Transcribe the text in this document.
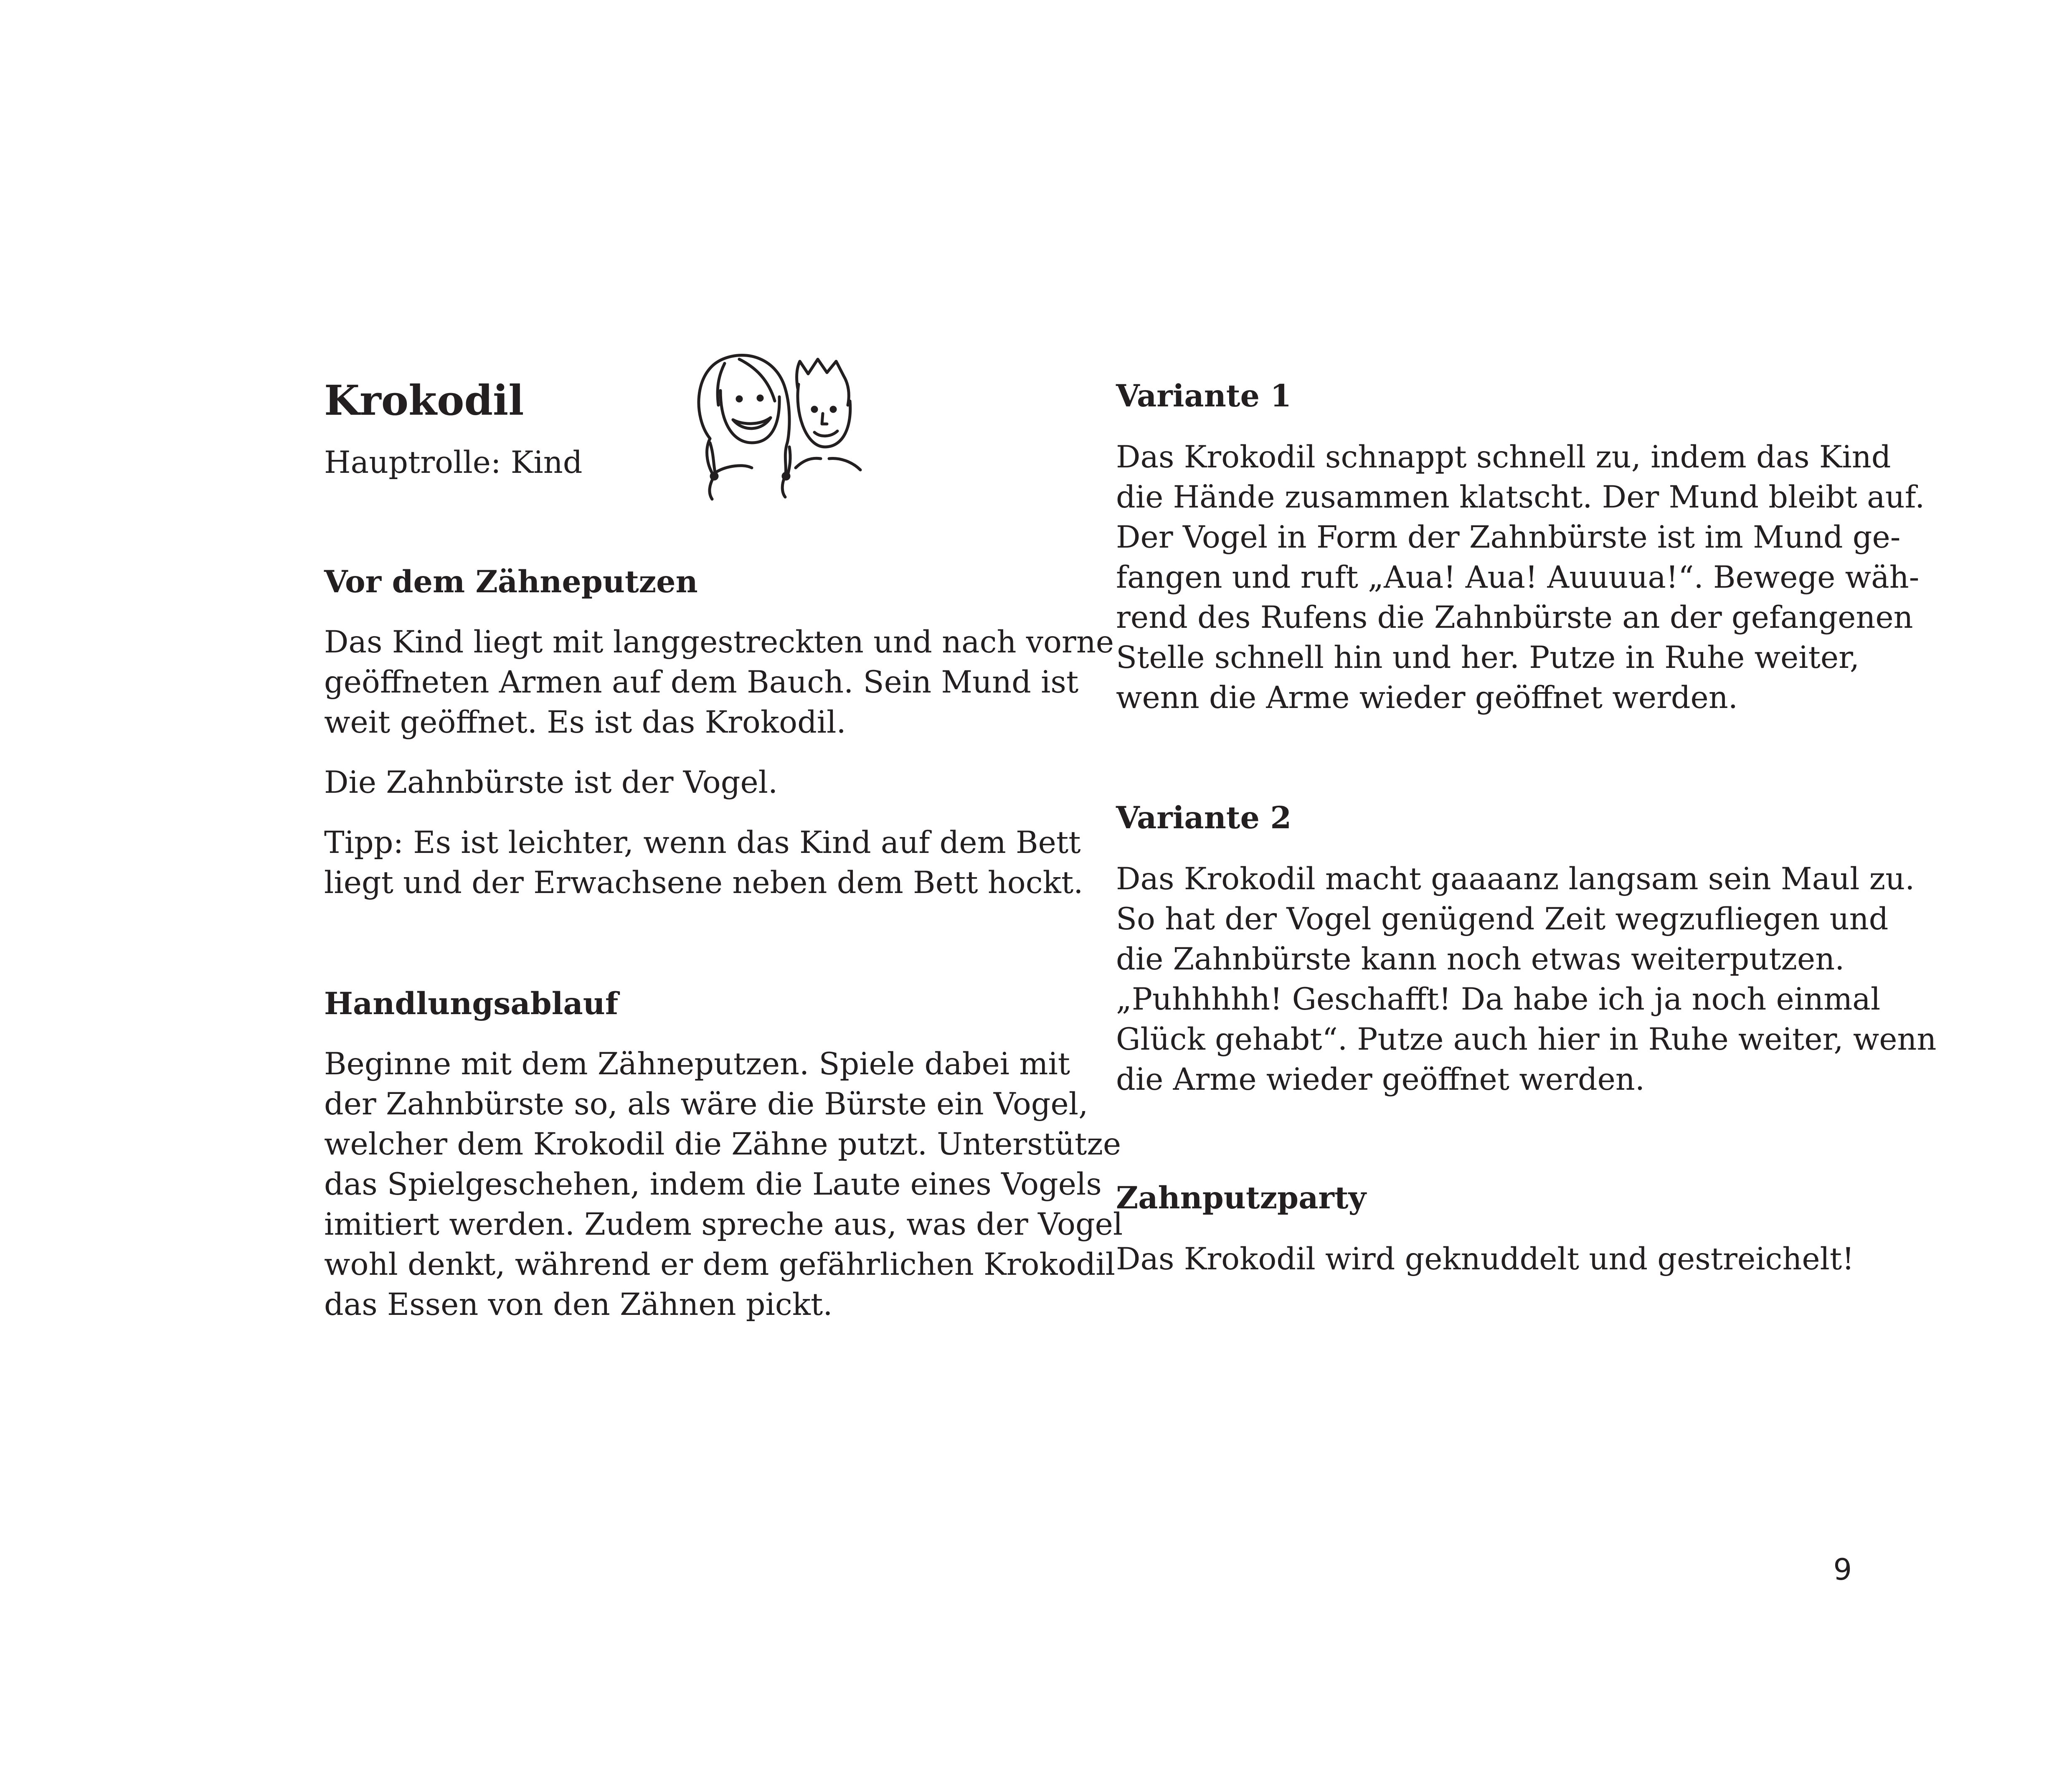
Krokodil

Hauptrolle: Kind

Vor dem Zähneputzen

Das Kind liegt mit langgestreckten und nach vorne
geöffneten Armen auf dem Bauch. Sein Mund ist
weit geöffnet. Es ist das Krokodil.

Die Zahnbürste ist der Vogel.

Tipp: Es ist leichter, wenn das Kind auf dem Bett
liegt und der Erwachsene neben dem Bett hockt.

Handlungsablauf

Beginne mit dem Zähneputzen. Spiele dabei mit
der Zahnbürste so, als wäre die Bürste ein Vogel,
welcher dem Krokodil die Zähne putzt. Unterstütze
das Spielgeschehen, indem die Laute eines Vogels
imitiert werden. Zudem spreche aus, was der Vogel
wohl denkt, während er dem gefährlichen Krokodil
das Essen von den Zähnen pickt.

Variante 1

Das Krokodil schnappt schnell zu, indem das Kind
die Hände zusammen klatscht. Der Mund bleibt auf.
Der Vogel in Form der Zahnbürste ist im Mund ge-
fangen und ruft „Aua! Aua! Auuuua!“. Bewege wäh-
rend des Rufens die Zahnbürste an der gefangenen
Stelle schnell hin und her. Putze in Ruhe weiter,
wenn die Arme wieder geöffnet werden.

Variante 2

Das Krokodil macht gaaaanz langsam sein Maul zu.
So hat der Vogel genügend Zeit wegzufliegen und
die Zahnbürste kann noch etwas weiterputzen.
„Puhhhhh! Geschafft! Da habe ich ja noch einmal
Glück gehabt“. Putze auch hier in Ruhe weiter, wenn
die Arme wieder geöffnet werden.

Zahnputzparty

Das Krokodil wird geknuddelt und gestreichelt!

9
